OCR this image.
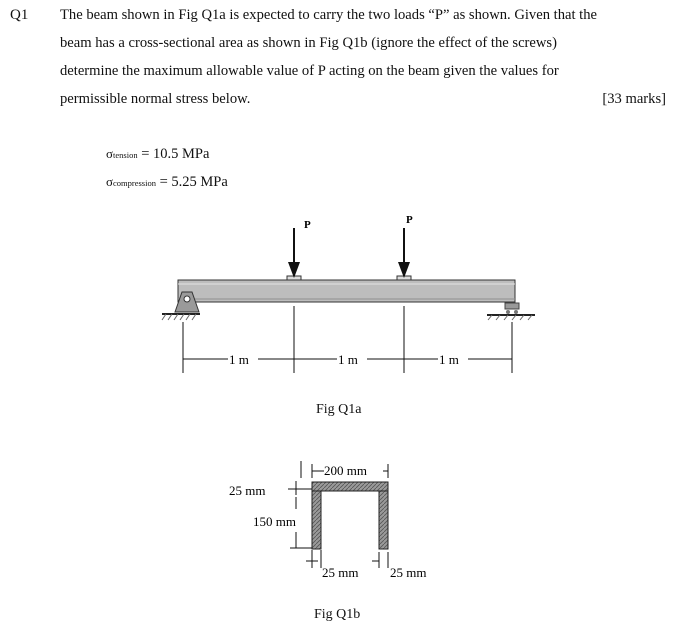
Q1 The beam shown in Fig Q1a is expected to carry the two loads “P” as shown. Given that the
beam has a cross-sectional area as shown in Fig Q1b (ignore the effect of the screws)
determine the maximum allowable value of P acting on the beam given the values for
permissible normal stress below.	[33 marks]
σtension = 10.5 MPa
σcompression = 5.25 MPa
P	P
1 m	1 m	1 m
Fig Q1a
200 mm
25 mm
150 mm
25 mm 25 mm
Fig Q1b
